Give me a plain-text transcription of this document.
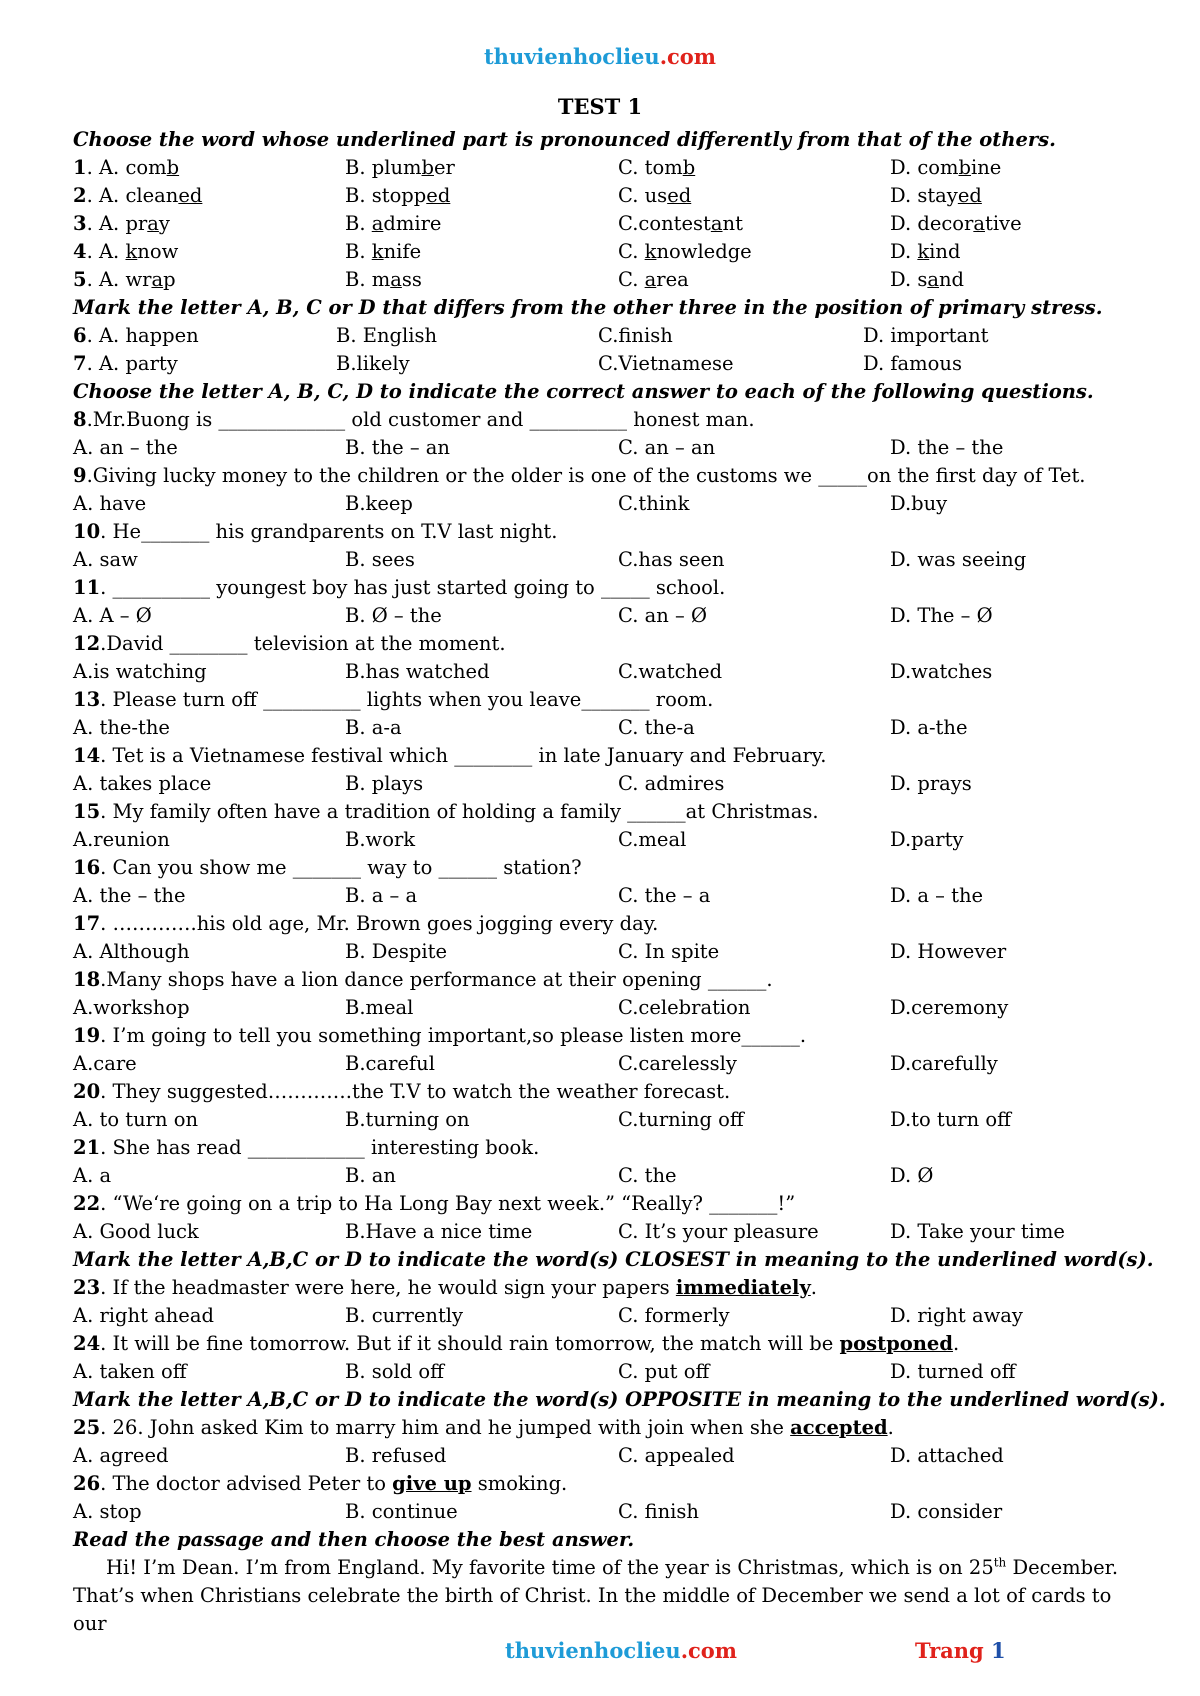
thuvienhoclieu.com
TEST 1
Choose the word whose underlined part is pronounced differently from that of the others.
1. A. comb	B. plumber	C. tomb	D. combine
2. A. cleaned	B. stopped	C. used	D. stayed
3. A. pray	B. admire	C.contestant	D. decorative
4. A. know	B. knife	C. knowledge	D. kind
5. A. wrap	B. mass	C. area	D. sand
Mark the letter A, B, C or D that differs from the other three in the position of primary stress.
6. A. happen	B. English	C.finish	D. important
7. A. party	B.likely	C.Vietnamese	D. famous
Choose the letter A, B, C, D to indicate the correct answer to each of the following questions.
8.Mr.Buong is _____________ old customer and __________ honest man.
A. an – the	B. the – an	C. an – an	D. the – the
9.Giving lucky money to the children or the older is one of the customs we _____on the first day of Tet.
A. have	B.keep	C.think	D.buy
10. He_______ his grandparents on T.V last night.
A. saw	B. sees	C.has seen	D. was seeing
11. __________ youngest boy has just started going to _____ school.
A. A – Ø	B. Ø – the	C. an – Ø	D. The – Ø
12.David ________ television at the moment.
A.is watching	B.has watched	C.watched	D.watches
13. Please turn off __________ lights when you leave_______ room.
A. the-the	B. a-a	C. the-a	D. a-the
14. Tet is a Vietnamese festival which ________ in late January and February.
A. takes place	B. plays	C. admires	D. prays
15. My family often have a tradition of holding a family ______at Christmas.
A.reunion	B.work	C.meal	D.party
16. Can you show me _______ way to ______ station?
A. the – the	B. a – a	C. the – a	D. a – the
17. ………….his old age, Mr. Brown goes jogging every day.
A. Although	B. Despite	C. In spite	D. However
18.Many shops have a lion dance performance at their opening ______.
A.workshop	B.meal	C.celebration	D.ceremony
19. I’m going to tell you something important,so please listen more______.
A.care	B.careful	C.carelessly	D.carefully
20. They suggested………….the T.V to watch the weather forecast.
A. to turn on	B.turning on	C.turning off	D.to turn off
21. She has read ____________ interesting book.
A. a	B. an	C. the	D. Ø
22. “We‘re going on a trip to Ha Long Bay next week.” “Really? _______!”
A. Good luck	B.Have a nice time	C. It’s your pleasure	D. Take your time
Mark the letter A,B,C or D to indicate the word(s) CLOSEST in meaning to the underlined word(s).
23. If the headmaster were here, he would sign your papers immediately.
A. right ahead	B. currently	C. formerly	D. right away
24. It will be fine tomorrow. But if it should rain tomorrow, the match will be postponed.
A. taken off	B. sold off	C. put off	D. turned off
Mark the letter A,B,C or D to indicate the word(s) OPPOSITE in meaning to the underlined word(s).
25. 26. John asked Kim to marry him and he jumped with join when she accepted.
A. agreed	B. refused	C. appealed	D. attached
26. The doctor advised Peter to give up smoking.
A. stop	B. continue	C. finish	D. consider
Read the passage and then choose the best answer.
Hi! I’m Dean. I’m from England. My favorite time of the year is Christmas, which is on 25th December. That’s when Christians celebrate the birth of Christ. In the middle of December we send a lot of cards to our
thuvienhoclieu.com	Trang 1
